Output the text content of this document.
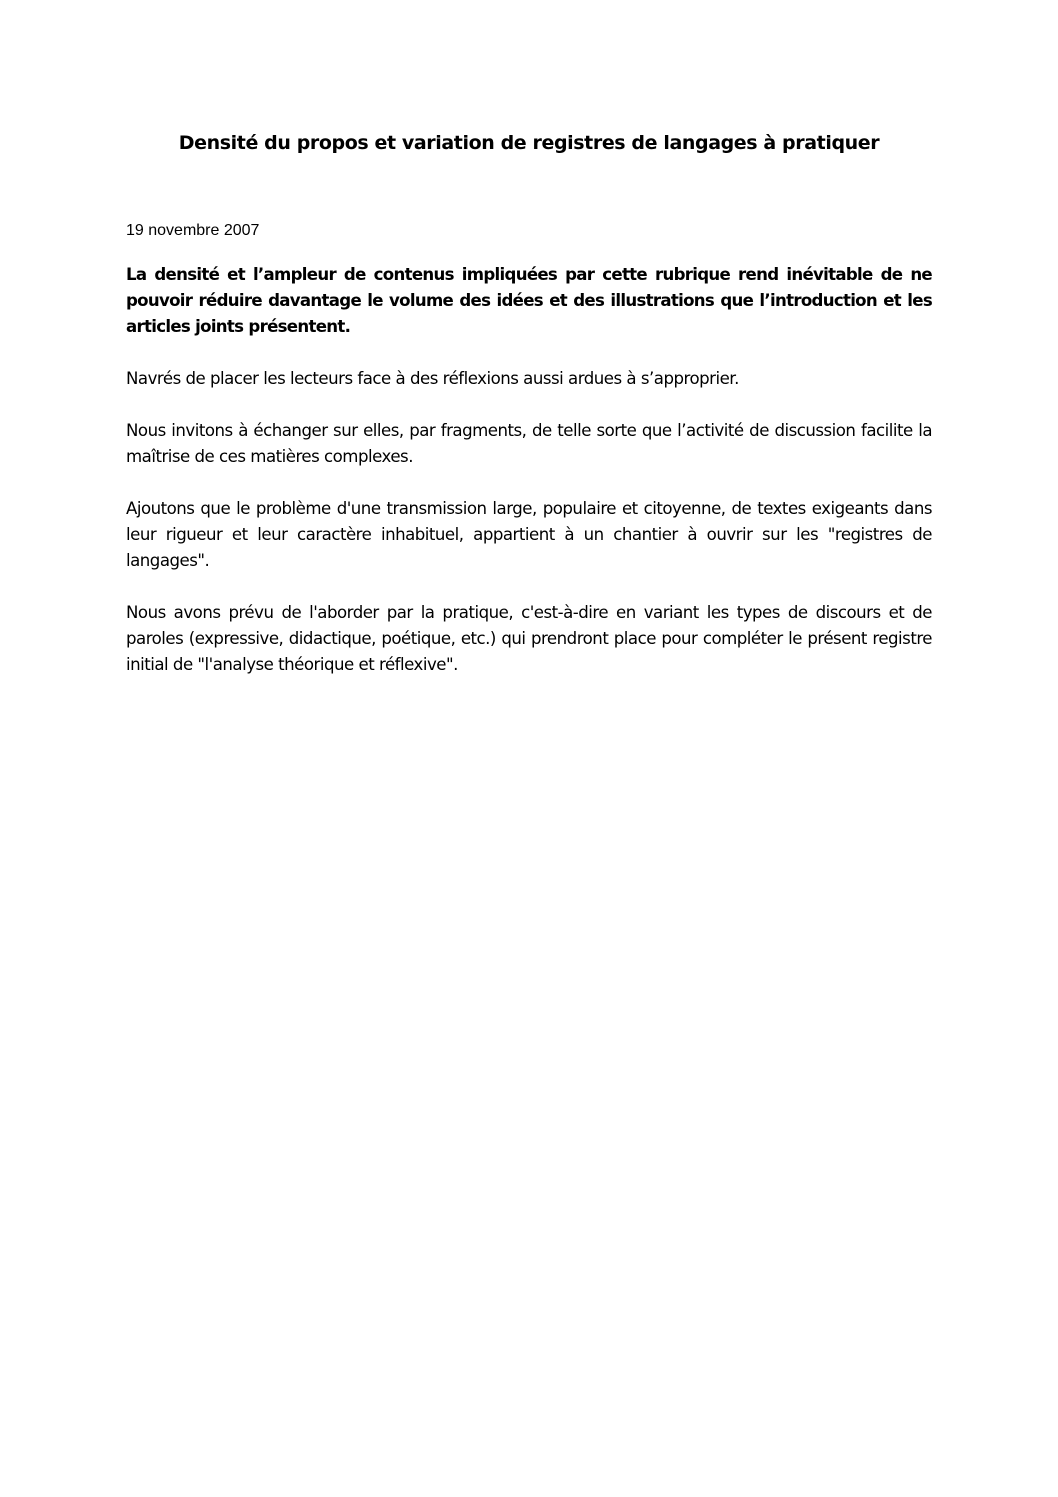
Densité du propos et variation de registres de langages à pratiquer
19 novembre 2007

La densité et l’ampleur de contenus impliquées par cette rubrique rend inévitable de ne pouvoir réduire davantage le volume des idées et des illustrations que l’introduction et les articles joints présentent.

Navrés de placer les lecteurs face à des réflexions aussi ardues à s’approprier.

Nous invitons à échanger sur elles, par fragments, de telle sorte que l’activité de discussion facilite la maîtrise de ces matières complexes.

Ajoutons que le problème d'une transmission large, populaire et citoyenne, de textes exigeants dans leur rigueur et leur caractère inhabituel, appartient à un chantier à ouvrir sur les "registres de langages".

Nous avons prévu de l'aborder par la pratique, c'est-à-dire en variant les types de discours et de paroles (expressive, didactique, poétique, etc.) qui prendront place pour compléter le présent registre initial de "l'analyse théorique et réflexive".
